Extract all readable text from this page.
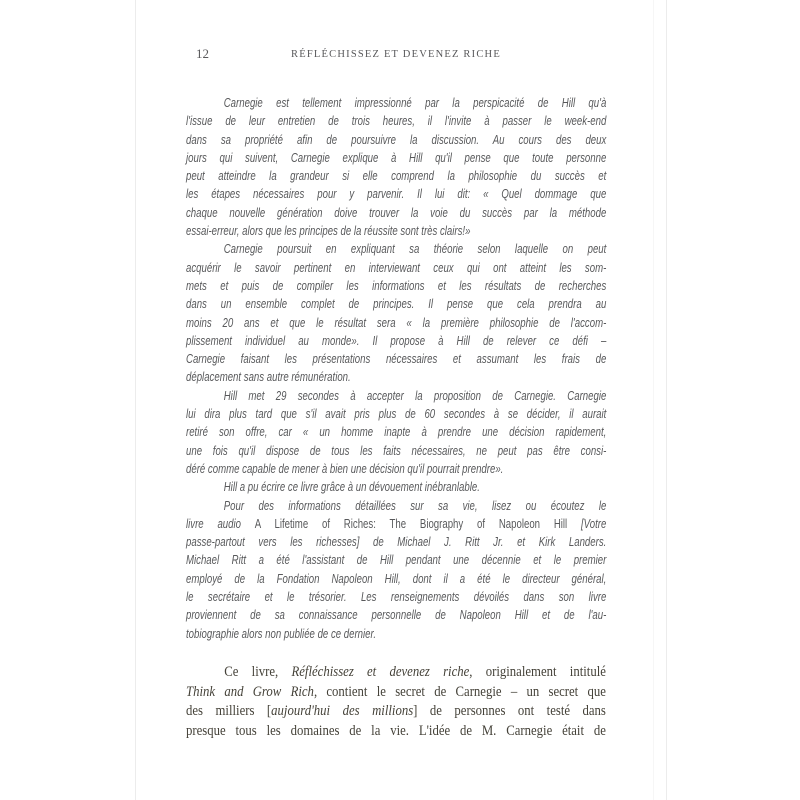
12	RÉFLÉCHISSEZ ET DEVENEZ RICHE
Carnegie est tellement impressionné par la perspicacité de Hill qu'à
l'issue de leur entretien de trois heures, il l'invite à passer le week-end
dans sa propriété afin de poursuivre la discussion. Au cours des deux
jours qui suivent, Carnegie explique à Hill qu'il pense que toute personne
peut atteindre la grandeur si elle comprend la philosophie du succès et
les étapes nécessaires pour y parvenir. Il lui dit: « Quel dommage que
chaque nouvelle génération doive trouver la voie du succès par la méthode
essai-erreur, alors que les principes de la réussite sont très clairs!»
Carnegie poursuit en expliquant sa théorie selon laquelle on peut
acquérir le savoir pertinent en interviewant ceux qui ont atteint les som-
mets et puis de compiler les informations et les résultats de recherches
dans un ensemble complet de principes. Il pense que cela prendra au
moins 20 ans et que le résultat sera « la première philosophie de l'accom-
plissement individuel au monde». Il propose à Hill de relever ce défi –
Carnegie faisant les présentations nécessaires et assumant les frais de
déplacement sans autre rémunération.
Hill met 29 secondes à accepter la proposition de Carnegie. Carnegie
lui dira plus tard que s'il avait pris plus de 60 secondes à se décider, il aurait
retiré son offre, car « un homme inapte à prendre une décision rapidement,
une fois qu'il dispose de tous les faits nécessaires, ne peut pas être consi-
déré comme capable de mener à bien une décision qu'il pourrait prendre».
Hill a pu écrire ce livre grâce à un dévouement inébranlable.
Pour des informations détaillées sur sa vie, lisez ou écoutez le
livre audio A Lifetime of Riches: The Biography of Napoleon Hill [Votre
passe-partout vers les richesses] de Michael J. Ritt Jr. et Kirk Landers.
Michael Ritt a été l'assistant de Hill pendant une décennie et le premier
employé de la Fondation Napoleon Hill, dont il a été le directeur général,
le secrétaire et le trésorier. Les renseignements dévoilés dans son livre
proviennent de sa connaissance personnelle de Napoleon Hill et de l'au-
tobiographie alors non publiée de ce dernier.
Ce livre, Réfléchissez et devenez riche, originalement intitulé
Think and Grow Rich, contient le secret de Carnegie – un secret que
des milliers [aujourd'hui des millions] de personnes ont testé dans
presque tous les domaines de la vie. L'idée de M. Carnegie était de
